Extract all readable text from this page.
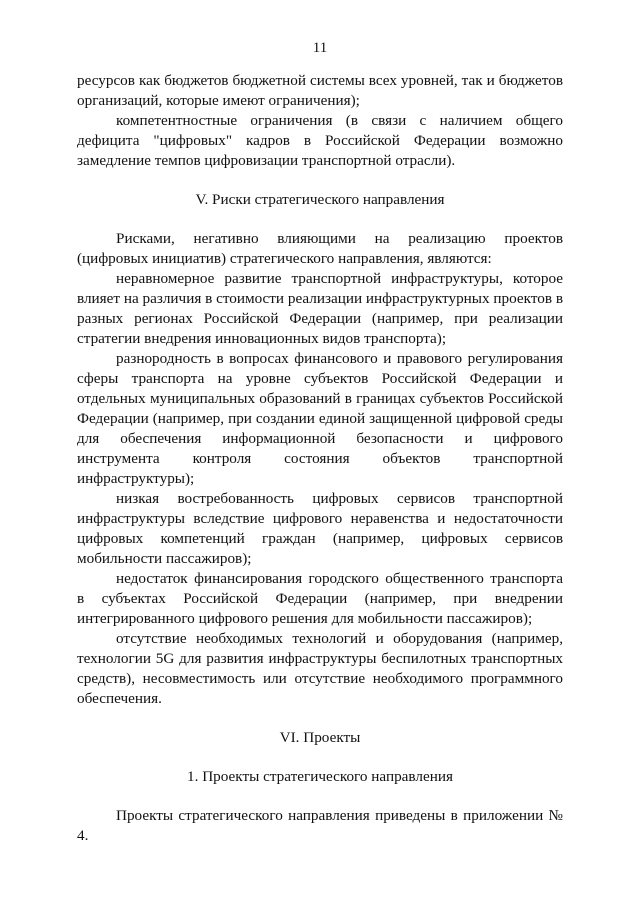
11

ресурсов как бюджетов бюджетной системы всех уровней, так и бюджетов организаций, которые имеют ограничения);

компетентностные ограничения (в связи с наличием общего дефицита "цифровых" кадров в Российской Федерации возможно замедление темпов цифровизации транспортной отрасли).

V. Риски стратегического направления

Рисками, негативно влияющими на реализацию проектов (цифровых инициатив) стратегического направления, являются:

неравномерное развитие транспортной инфраструктуры, которое влияет на различия в стоимости реализации инфраструктурных проектов в разных регионах Российской Федерации (например, при реализации стратегии внедрения инновационных видов транспорта);

разнородность в вопросах финансового и правового регулирования сферы транспорта на уровне субъектов Российской Федерации и отдельных муниципальных образований в границах субъектов Российской Федерации (например, при создании единой защищенной цифровой среды для обеспечения информационной безопасности и цифрового инструмента контроля состояния объектов транспортной инфраструктуры);

низкая востребованность цифровых сервисов транспортной инфраструктуры вследствие цифрового неравенства и недостаточности цифровых компетенций граждан (например, цифровых сервисов мобильности пассажиров);

недостаток финансирования городского общественного транспорта в субъектах Российской Федерации (например, при внедрении интегрированного цифрового решения для мобильности пассажиров);

отсутствие необходимых технологий и оборудования (например, технологии 5G для развития инфраструктуры беспилотных транспортных средств), несовместимость или отсутствие необходимого программного обеспечения.

VI. Проекты

1. Проекты стратегического направления

Проекты стратегического направления приведены в приложении № 4.
